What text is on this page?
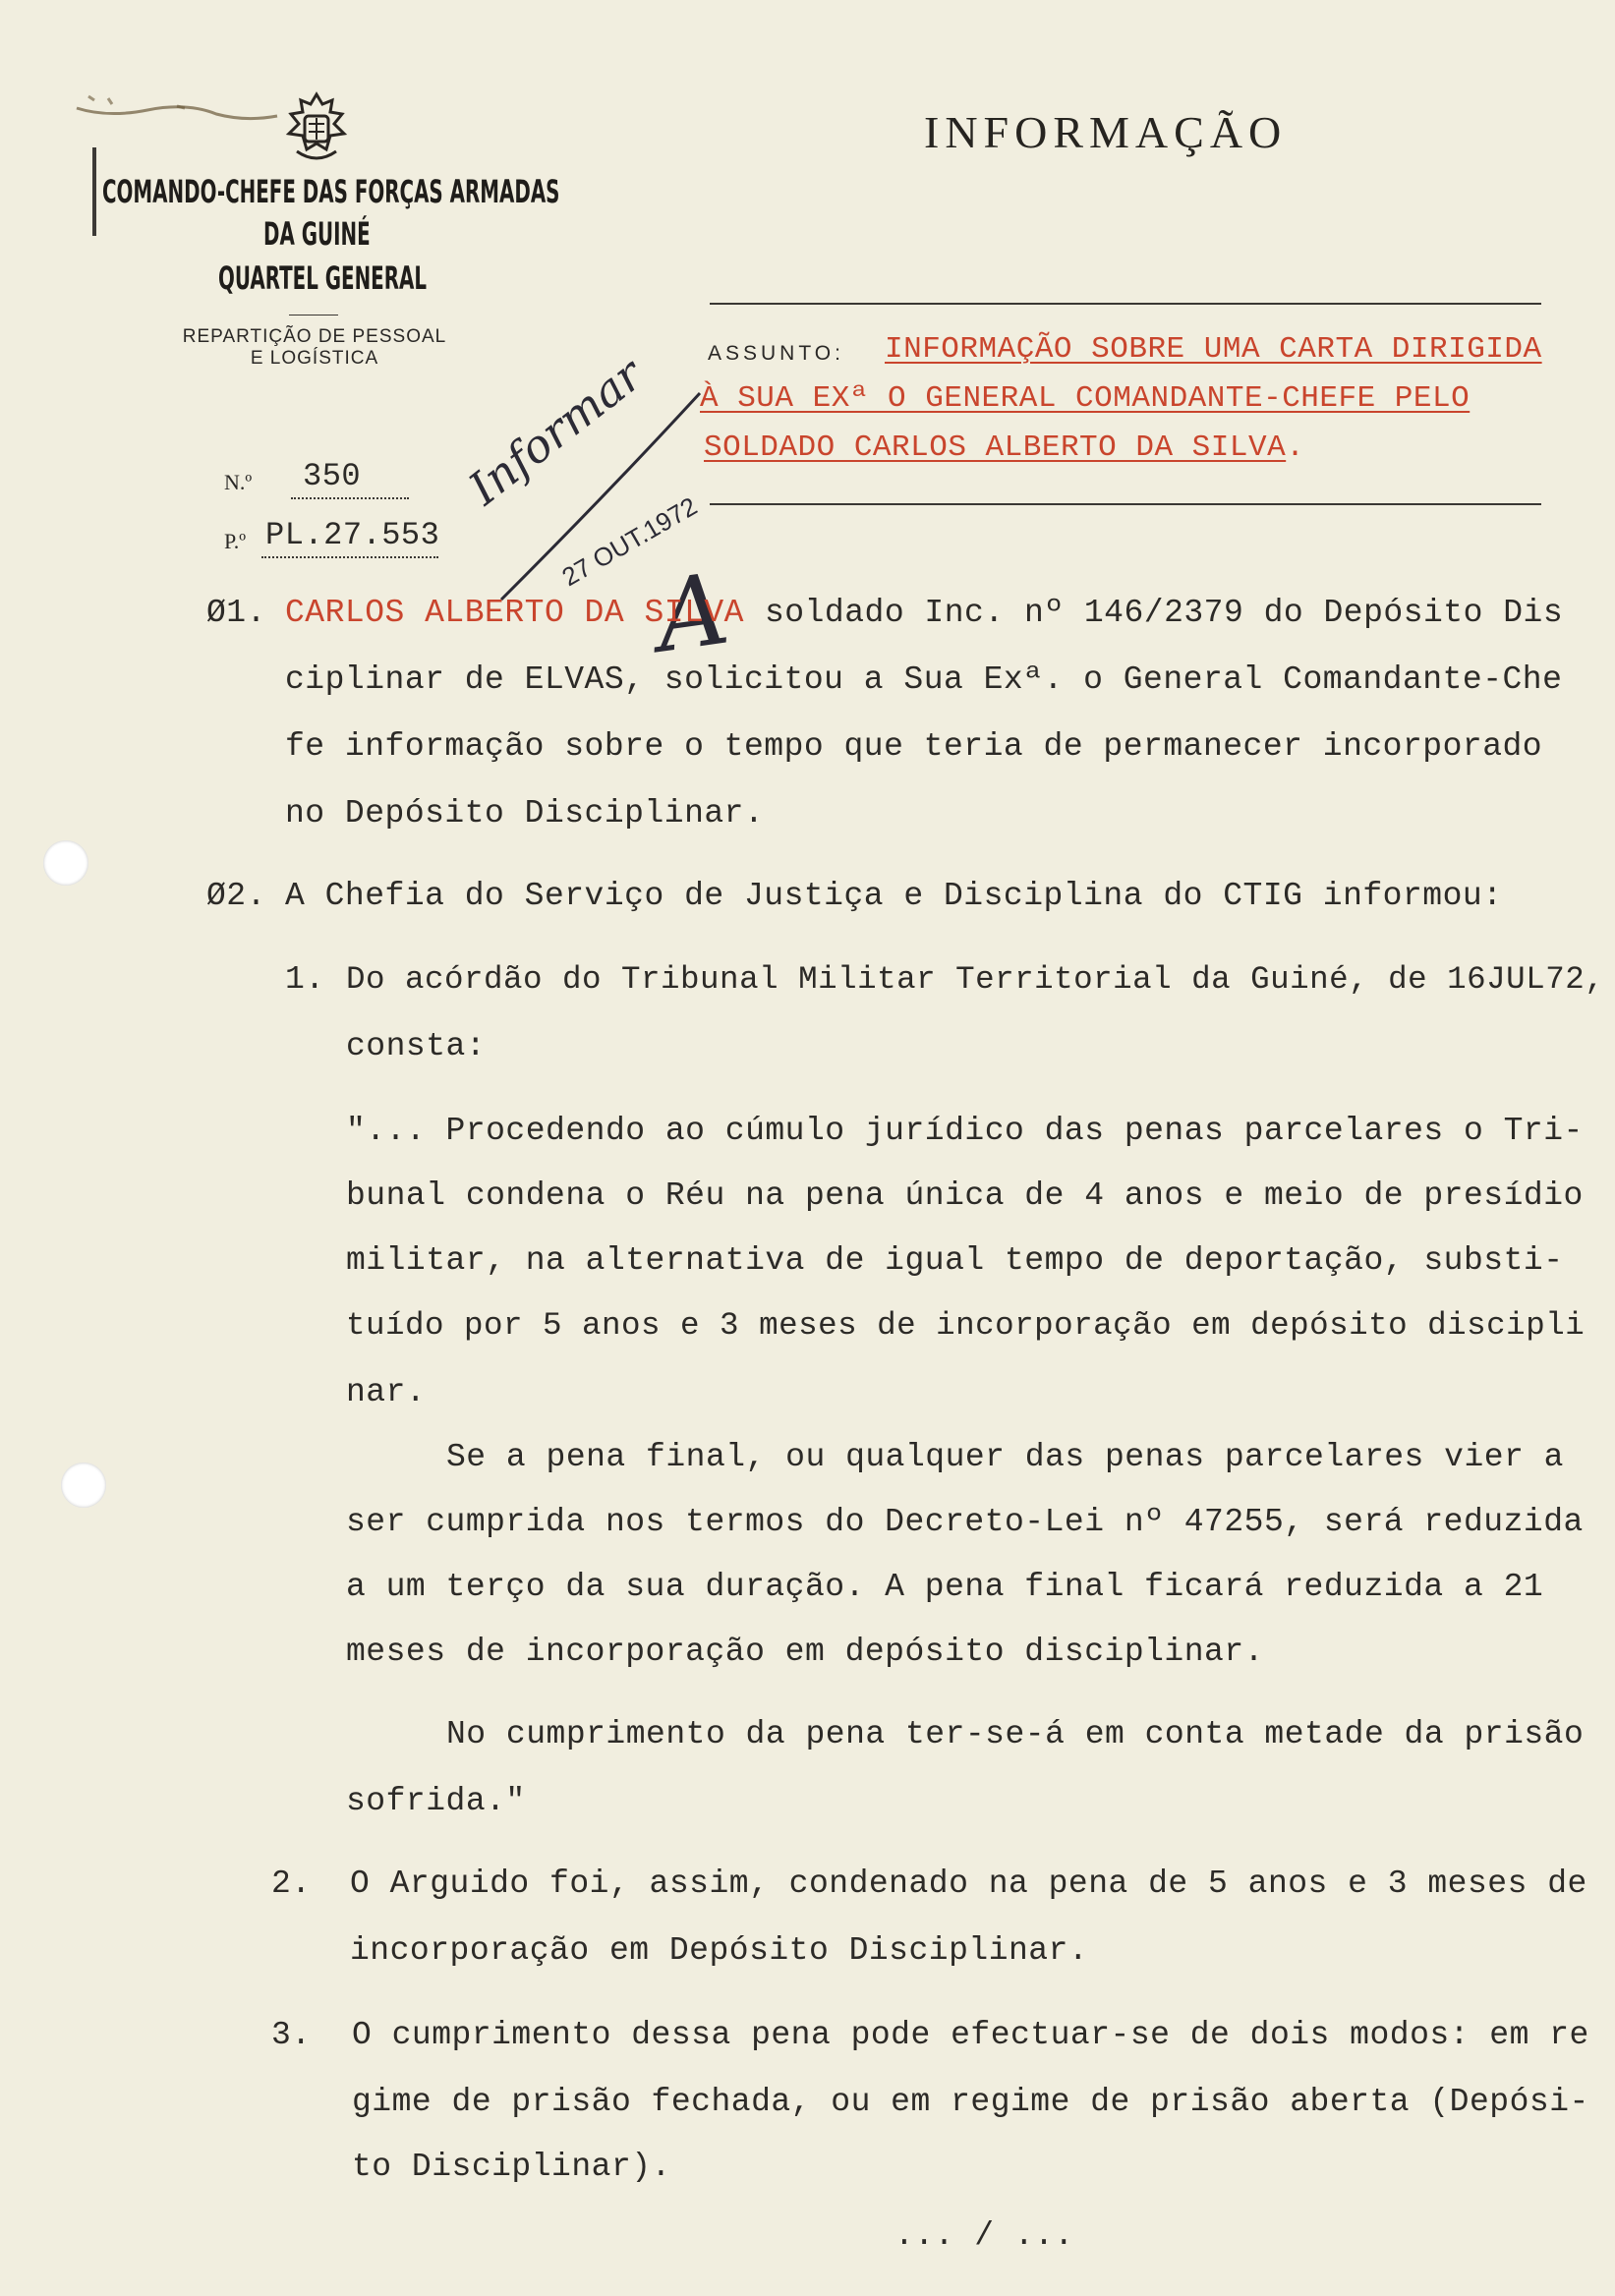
COMANDO-CHEFE DAS FORÇAS ARMADAS
DA GUINÉ
QUARTEL GENERAL
REPARTIÇÃO DE PESSOAL
E LOGÍSTICA
N.º 350
P.º PL.27.553
INFORMAÇÃO
ASSUNTO: INFORMAÇÃO SOBRE UMA CARTA DIRIGIDA
À SUA EXª O GENERAL COMANDANTE-CHEFE PELO
SOLDADO CARLOS ALBERTO DA SILVA.
Informar
27 OUT.1972
A
Ø1. CARLOS ALBERTO DA SILVA soldado Inc. nº 146/2379 do Depósito Dis
ciplinar de ELVAS, solicitou a Sua Exª. o General Comandante-Che
fe informação sobre o tempo que teria de permanecer incorporado
no Depósito Disciplinar.
Ø2. A Chefia do Serviço de Justiça e Disciplina do CTIG informou:
1. Do acórdão do Tribunal Militar Territorial da Guiné, de 16JUL72,
consta:
"... Procedendo ao cúmulo jurídico das penas parcelares o Tri-
bunal condena o Réu na pena única de 4 anos e meio de presídio
militar, na alternativa de igual tempo de deportação, substi-
tuído por 5 anos e 3 meses de incorporação em depósito discipli
nar.
Se a pena final, ou qualquer das penas parcelares vier a
ser cumprida nos termos do Decreto-Lei nº 47255, será reduzida
a um terço da sua duração. A pena final ficará reduzida a 21
meses de incorporação em depósito disciplinar.
No cumprimento da pena ter-se-á em conta metade da prisão
sofrida."
2. O Arguido foi, assim, condenado na pena de 5 anos e 3 meses de
incorporação em Depósito Disciplinar.
3. O cumprimento dessa pena pode efectuar-se de dois modos: em re
gime de prisão fechada, ou em regime de prisão aberta (Depósi-
to Disciplinar).
... / ...
